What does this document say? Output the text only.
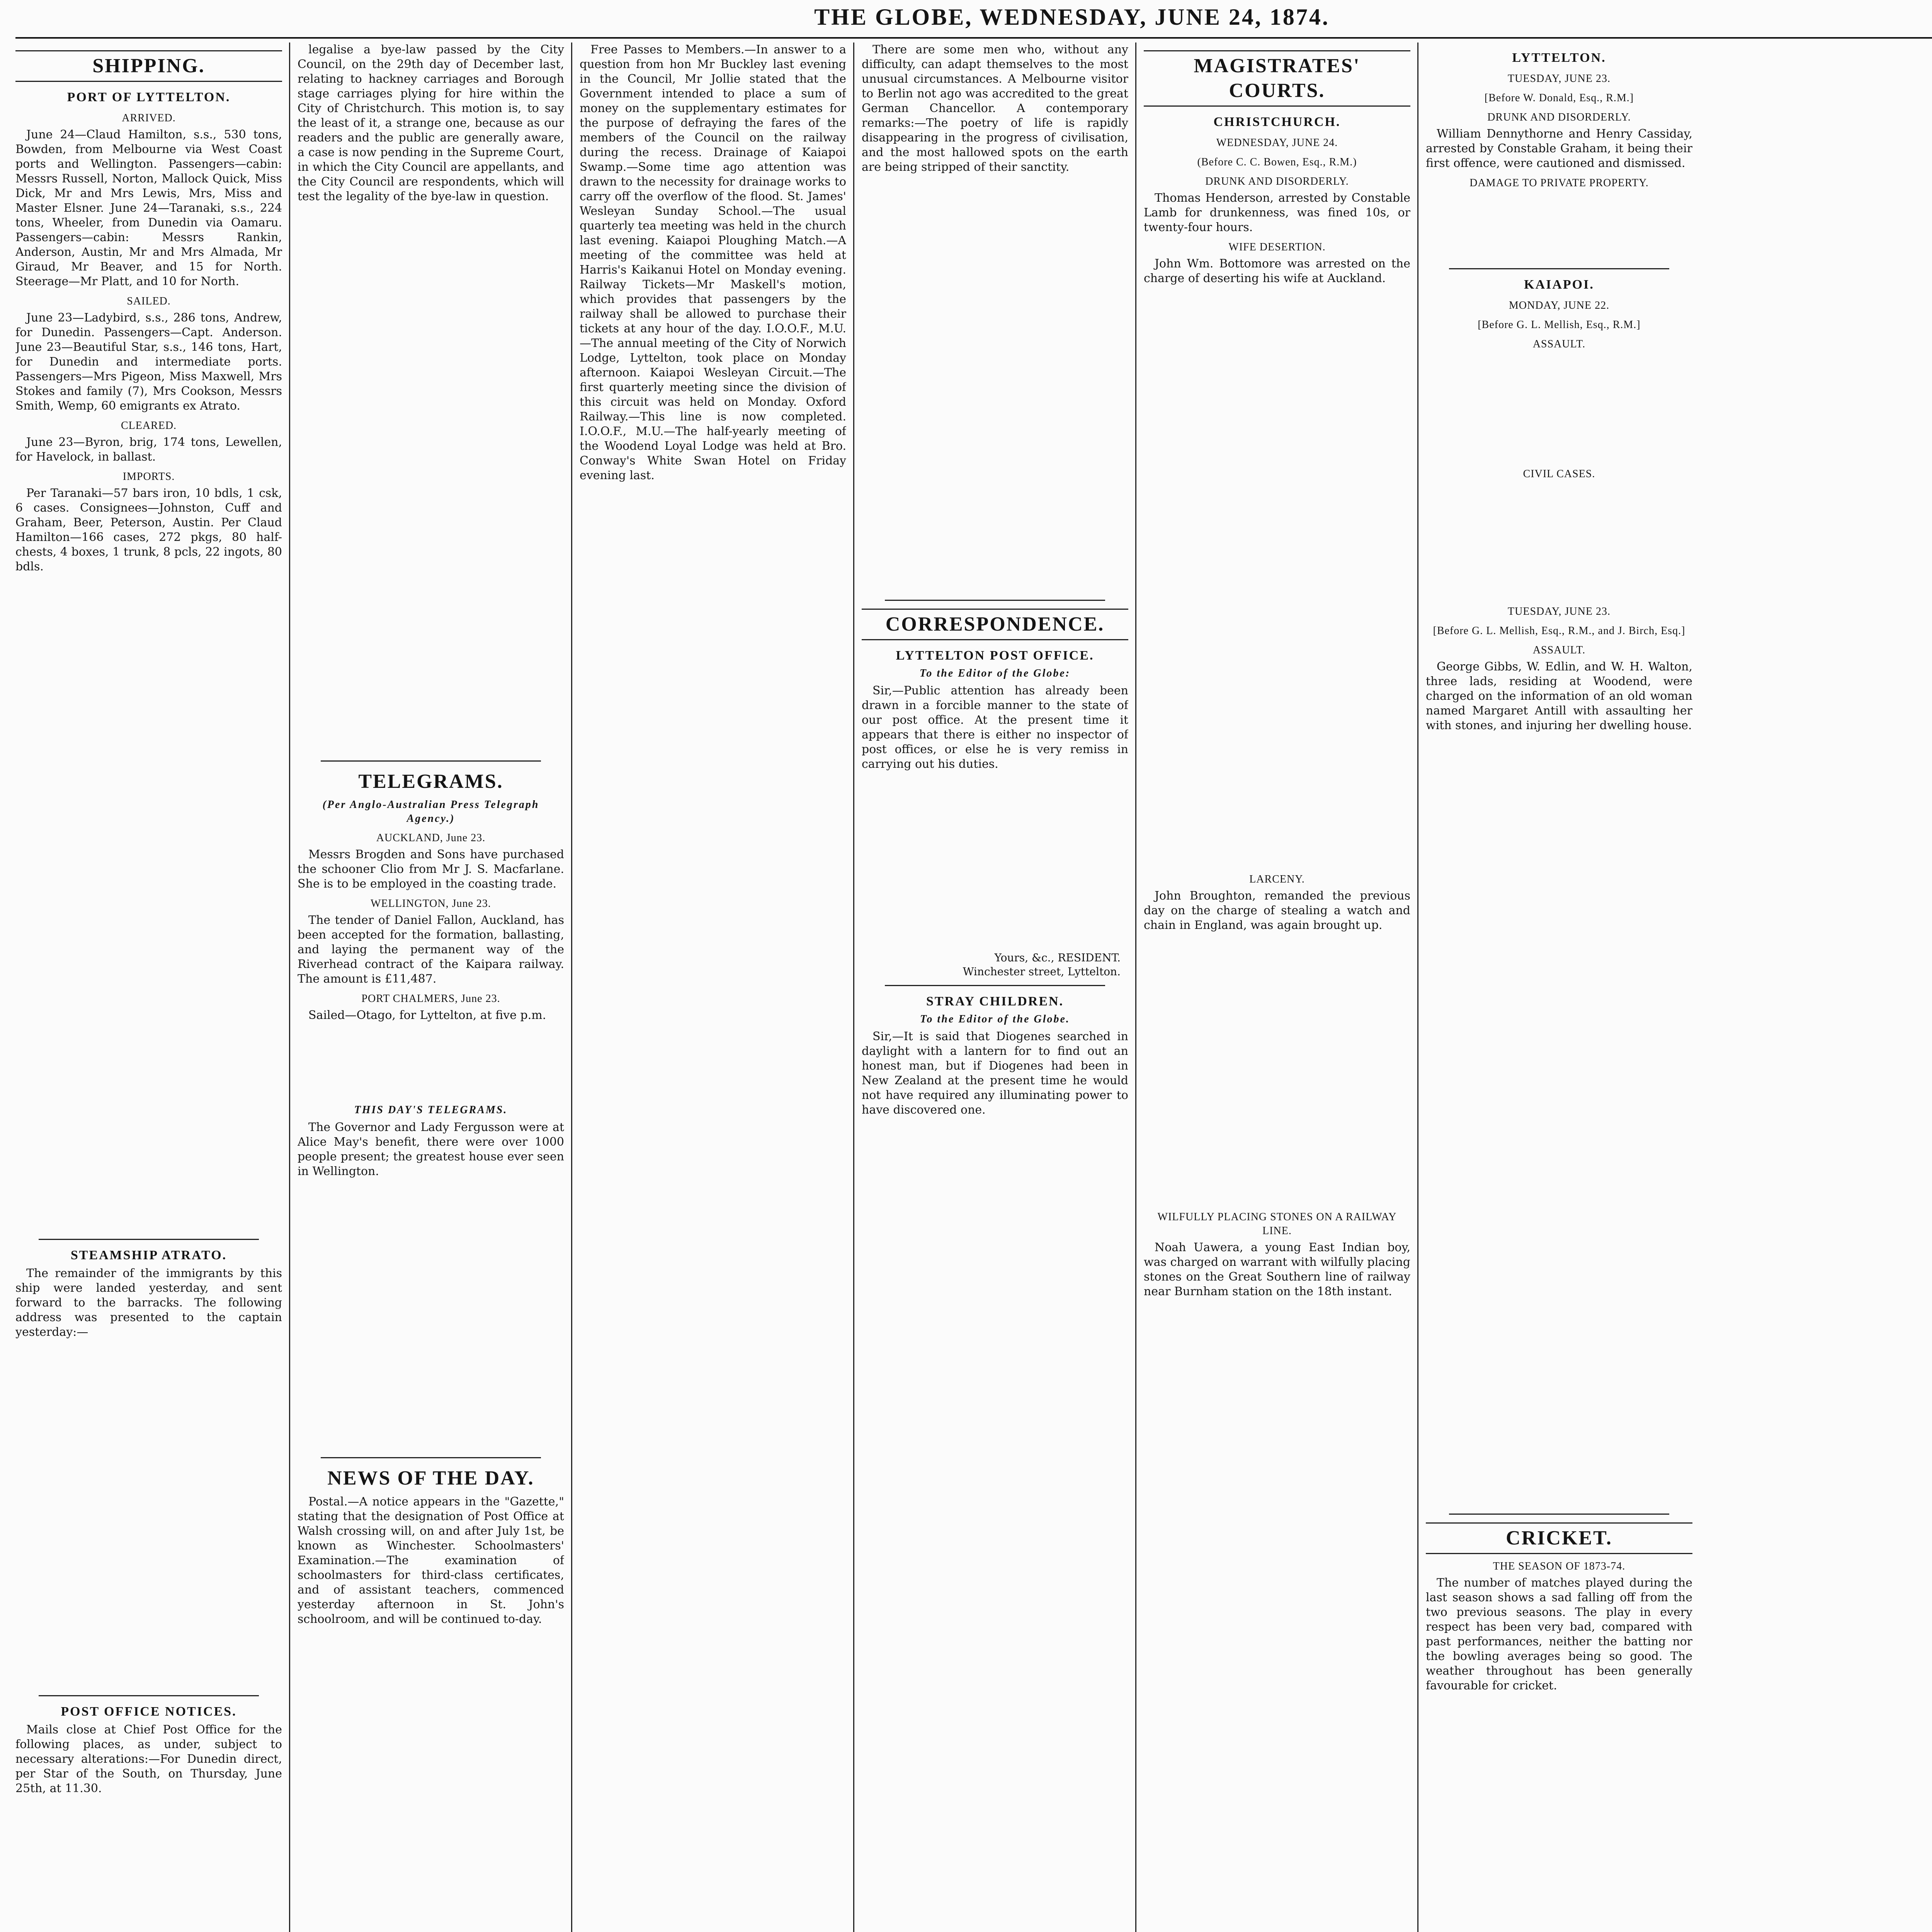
THE GLOBE, WEDNESDAY, JUNE 24, 1874.
SHIPPING.
PORT OF LYTTELTON.
ARRIVED.

June 24—Claud Hamilton, s.s., 530 tons, Bowden, from Melbourne via West Coast ports and Wellington. Passengers—cabin: Messrs Russell, Norton, Mallock Quick, Miss Dick, Mr and Mrs Lewis, Mrs, Miss and Master Elsner. June 24—Taranaki, s.s., 224 tons, Wheeler, from Dunedin via Oamaru. Passengers—cabin: Messrs Rankin, Anderson, Austin, Mr and Mrs Almada, Mr Giraud, Mr Beaver, and 15 for North. Steerage—Mr Platt, and 10 for North.

SAILED.

June 23—Ladybird, s.s., 286 tons, Andrew, for Dunedin. Passengers—Capt. Anderson. June 23—Beautiful Star, s.s., 146 tons, Hart, for Dunedin and intermediate ports. Passengers—Mrs Pigeon, Miss Maxwell, Mrs Stokes and family (7), Mrs Cookson, Messrs Smith, Wemp, 60 emigrants ex Atrato.

CLEARED.

June 23—Byron, brig, 174 tons, Lewellen, for Havelock, in ballast.

IMPORTS.

Per Taranaki—57 bars iron, 10 bdls, 1 csk, 6 cases. Consignees—Johnston, Cuff and Graham, Beer, Peterson, Austin. Per Claud Hamilton—166 cases, 272 pkgs, 80 half-chests, 4 boxes, 1 trunk, 8 pcls, 22 ingots, 80 bdls.

STEAMSHIP ATRATO.

The remainder of the immigrants by this ship were landed yesterday, and sent forward to the barracks. The following address was presented to the captain yesterday:—

POST OFFICE NOTICES.

Mails close at Chief Post Office for the following places, as under, subject to necessary alterations:—For Dunedin direct, per Star of the South, on Thursday, June 25th, at 11.30.

legalise a bye-law passed by the City Council, on the 29th day of December last, relating to hackney carriages and Borough stage carriages plying for hire within the City of Christchurch. This motion is, to say the least of it, a strange one, because as our readers and the public are generally aware, a case is now pending in the Supreme Court, in which the City Council are appellants, and the City Council are respondents, which will test the legality of the bye-law in question.

TELEGRAMS.
(Per Anglo-Australian Press Telegraph Agency.)
AUCKLAND, June 23.

Messrs Brogden and Sons have purchased the schooner Clio from Mr J. S. Macfarlane. She is to be employed in the coasting trade.

WELLINGTON, June 23.

The tender of Daniel Fallon, Auckland, has been accepted for the formation, ballasting, and laying the permanent way of the Riverhead contract of the Kaipara railway. The amount is £11,487.

PORT CHALMERS, June 23.

Sailed—Otago, for Lyttelton, at five p.m.

THIS DAY'S TELEGRAMS.

The Governor and Lady Fergusson were at Alice May's benefit, there were over 1000 people present; the greatest house ever seen in Wellington.

NEWS OF THE DAY.

Postal.—A notice appears in the "Gazette," stating that the designation of Post Office at Walsh crossing will, on and after July 1st, be known as Winchester. Schoolmasters' Examination.—The examination of schoolmasters for third-class certificates, and of assistant teachers, commenced yesterday afternoon in St. John's schoolroom, and will be continued to-day.

Free Passes to Members.—In answer to a question from hon Mr Buckley last evening in the Council, Mr Jollie stated that the Government intended to place a sum of money on the supplementary estimates for the purpose of defraying the fares of the members of the Council on the railway during the recess. Drainage of Kaiapoi Swamp.—Some time ago attention was drawn to the necessity for drainage works to carry off the overflow of the flood. St. James' Wesleyan Sunday School.—The usual quarterly tea meeting was held in the church last evening. Kaiapoi Ploughing Match.—A meeting of the committee was held at Harris's Kaikanui Hotel on Monday evening. Railway Tickets—Mr Maskell's motion, which provides that passengers by the railway shall be allowed to purchase their tickets at any hour of the day. I.O.O.F., M.U.—The annual meeting of the City of Norwich Lodge, Lyttelton, took place on Monday afternoon. Kaiapoi Wesleyan Circuit.—The first quarterly meeting since the division of this circuit was held on Monday. Oxford Railway.—This line is now completed. I.O.O.F., M.U.—The half-yearly meeting of the Woodend Loyal Lodge was held at Bro. Conway's White Swan Hotel on Friday evening last.

There are some men who, without any difficulty, can adapt themselves to the most unusual circumstances. A Melbourne visitor to Berlin not ago was accredited to the great German Chancellor. A contemporary remarks:—The poetry of life is rapidly disappearing in the progress of civilisation, and the most hallowed spots on the earth are being stripped of their sanctity.

CORRESPONDENCE.
LYTTELTON POST OFFICE.
To the Editor of the Globe:

Sir,—Public attention has already been drawn in a forcible manner to the state of our post office. At the present time it appears that there is either no inspector of post offices, or else he is very remiss in carrying out his duties.

Yours, &c., RESIDENT.
Winchester street, Lyttelton.
STRAY CHILDREN.
To the Editor of the Globe.

Sir,—It is said that Diogenes searched in daylight with a lantern for to find out an honest man, but if Diogenes had been in New Zealand at the present time he would not have required any illuminating power to have discovered one.

MAGISTRATES' COURTS.
CHRISTCHURCH.
WEDNESDAY, JUNE 24.
(Before C. C. Bowen, Esq., R.M.)
DRUNK AND DISORDERLY.

Thomas Henderson, arrested by Constable Lamb for drunkenness, was fined 10s, or twenty-four hours.

WIFE DESERTION.

John Wm. Bottomore was arrested on the charge of deserting his wife at Auckland.

LARCENY.

John Broughton, remanded the previous day on the charge of stealing a watch and chain in England, was again brought up.

WILFULLY PLACING STONES ON A RAILWAY LINE.

Noah Uawera, a young East Indian boy, was charged on warrant with wilfully placing stones on the Great Southern line of railway near Burnham station on the 18th instant.

LYTTELTON.
TUESDAY, JUNE 23.
[Before W. Donald, Esq., R.M.]
DRUNK AND DISORDERLY.

William Dennythorne and Henry Cassiday, arrested by Constable Graham, it being their first offence, were cautioned and dismissed.

DAMAGE TO PRIVATE PROPERTY.
KAIAPOI.
MONDAY, JUNE 22.
[Before G. L. Mellish, Esq., R.M.]
ASSAULT.
CIVIL CASES.
TUESDAY, JUNE 23.
[Before G. L. Mellish, Esq., R.M., and J. Birch, Esq.]
ASSAULT.

George Gibbs, W. Edlin, and W. H. Walton, three lads, residing at Woodend, were charged on the information of an old woman named Margaret Antill with assaulting her with stones, and injuring her dwelling house.

CRICKET.
THE SEASON OF 1873-74.

The number of matches played during the last season shows a sad falling off from the two previous seasons. The play in every respect has been very bad, compared with past performances, neither the batting nor the bowling averages being so good. The weather throughout has been generally favourable for cricket.
